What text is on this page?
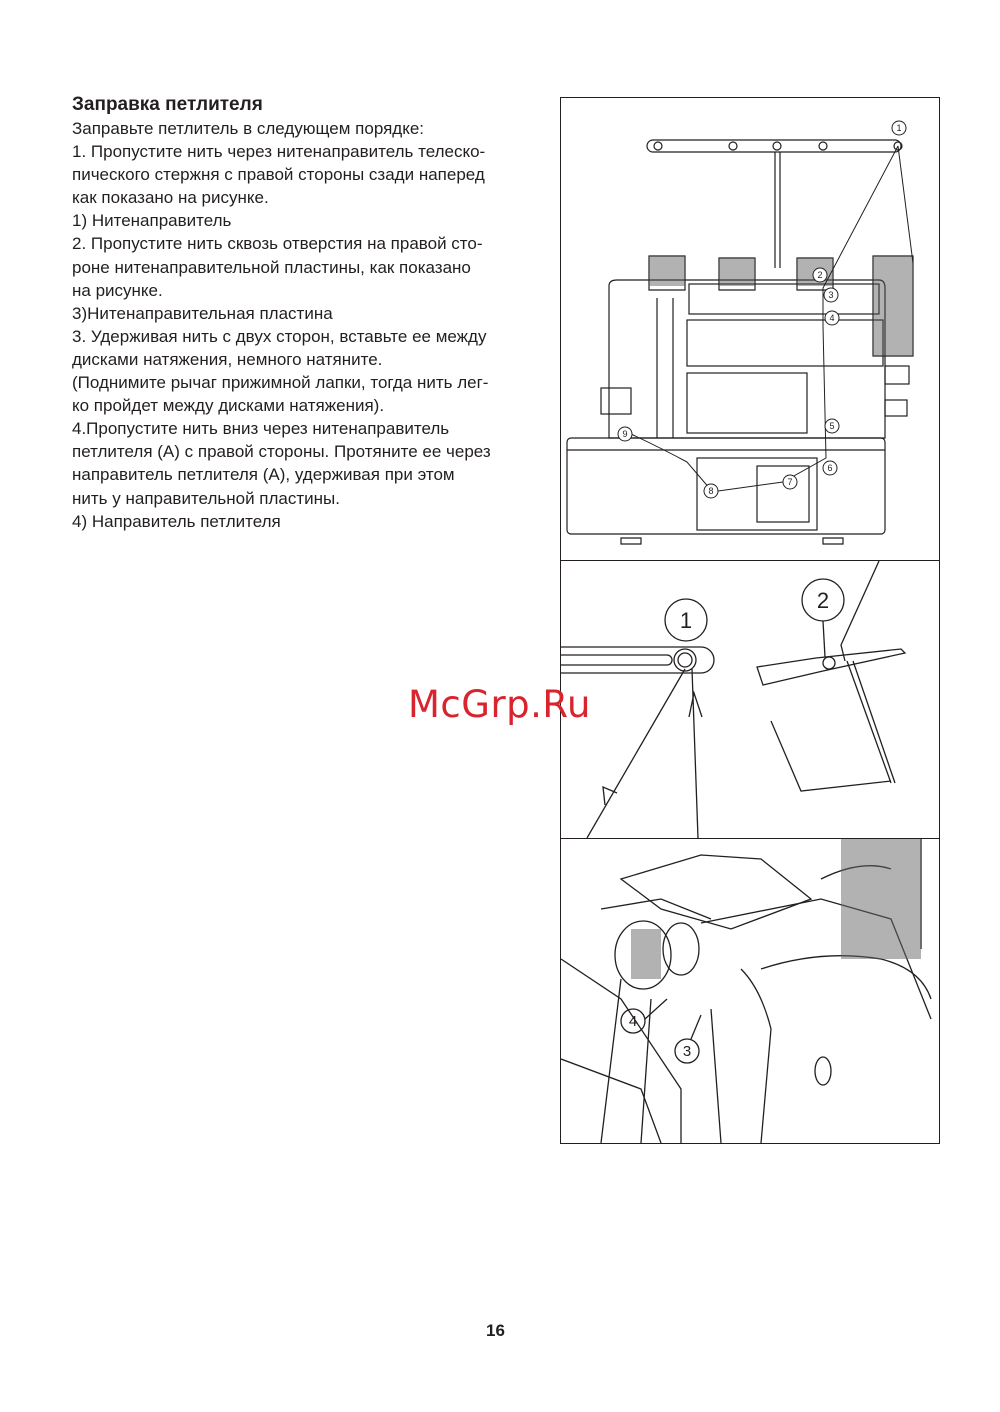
Заправка петлителя
Заправьте петлитель в следующем порядке:
1. Пропустите нить через нитенаправитель телеско-
пического стержня с правой стороны сзади наперед
как показано на рисунке.
1) Нитенаправитель
2. Пропустите нить сквозь отверстия на правой сто-
роне нитенаправительной пластины, как показано
на рисунке.
3)Нитенаправительная пластина
3. Удерживая нить с двух сторон, вставьте ее между
дисками натяжения, немного натяните.
(Поднимите рычаг прижимной лапки, тогда нить лег-
ко пройдет между дисками натяжения).
4.Пропустите нить вниз через нитенаправитель
петлителя (A) с правой стороны. Протяните ее через
направитель петлителя (A), удерживая при этом
нить у направительной пластины.
4) Направитель петлителя
1
2
3
4
5
6
7
8
9
1
2
4
3
McGrp.Ru
16
